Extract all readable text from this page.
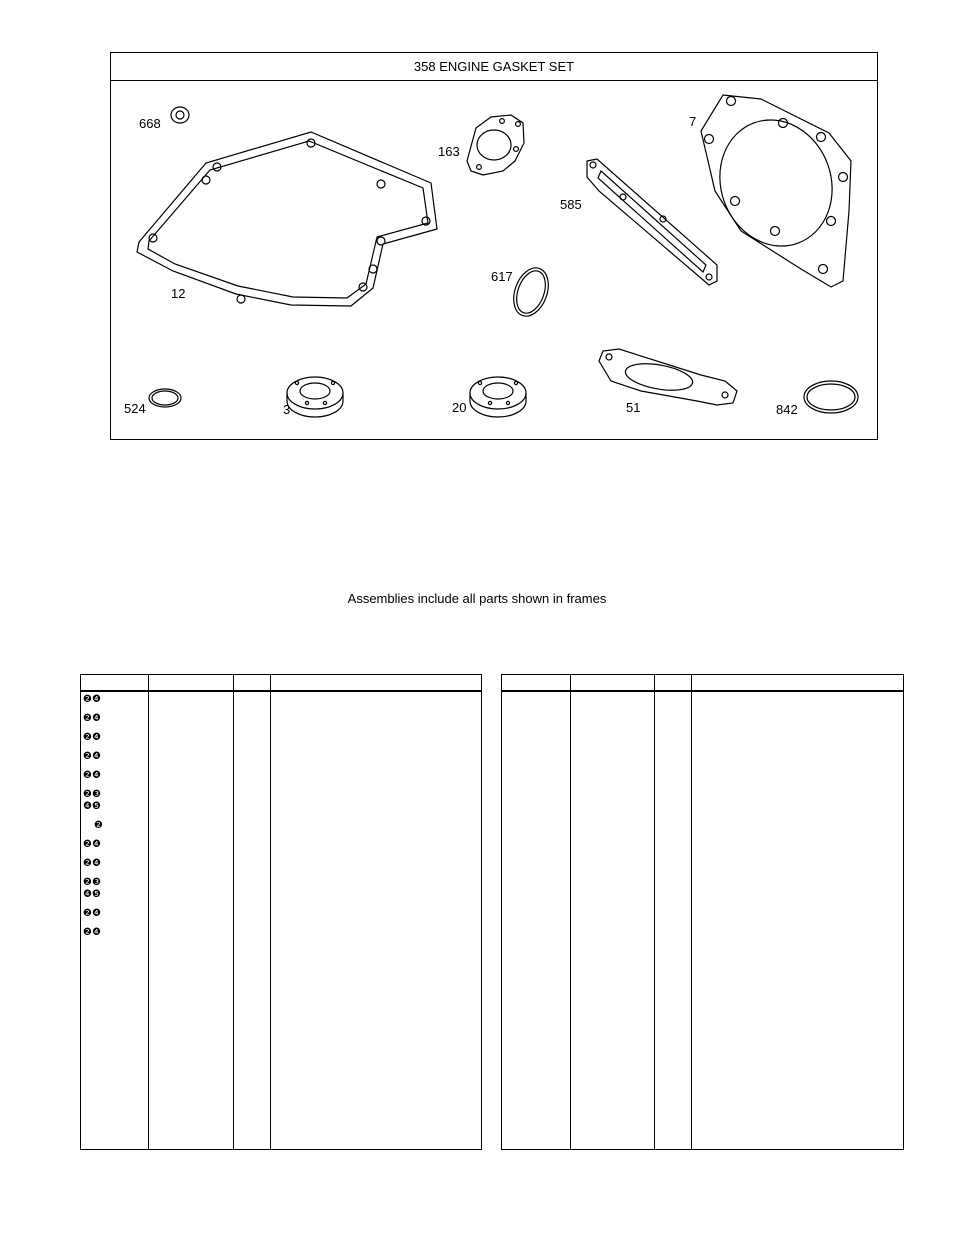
358 ENGINE GASKET SET
668
163
7
585
617
12
524	3	20	51	842
Assemblies include all parts shown in frames
❷❹
❷❹
❷❹
❷❹
❷❹
❷❸
❹❺
❷
❷❹
❷❹
❷❸
❹❺
❷❹
❷❹
